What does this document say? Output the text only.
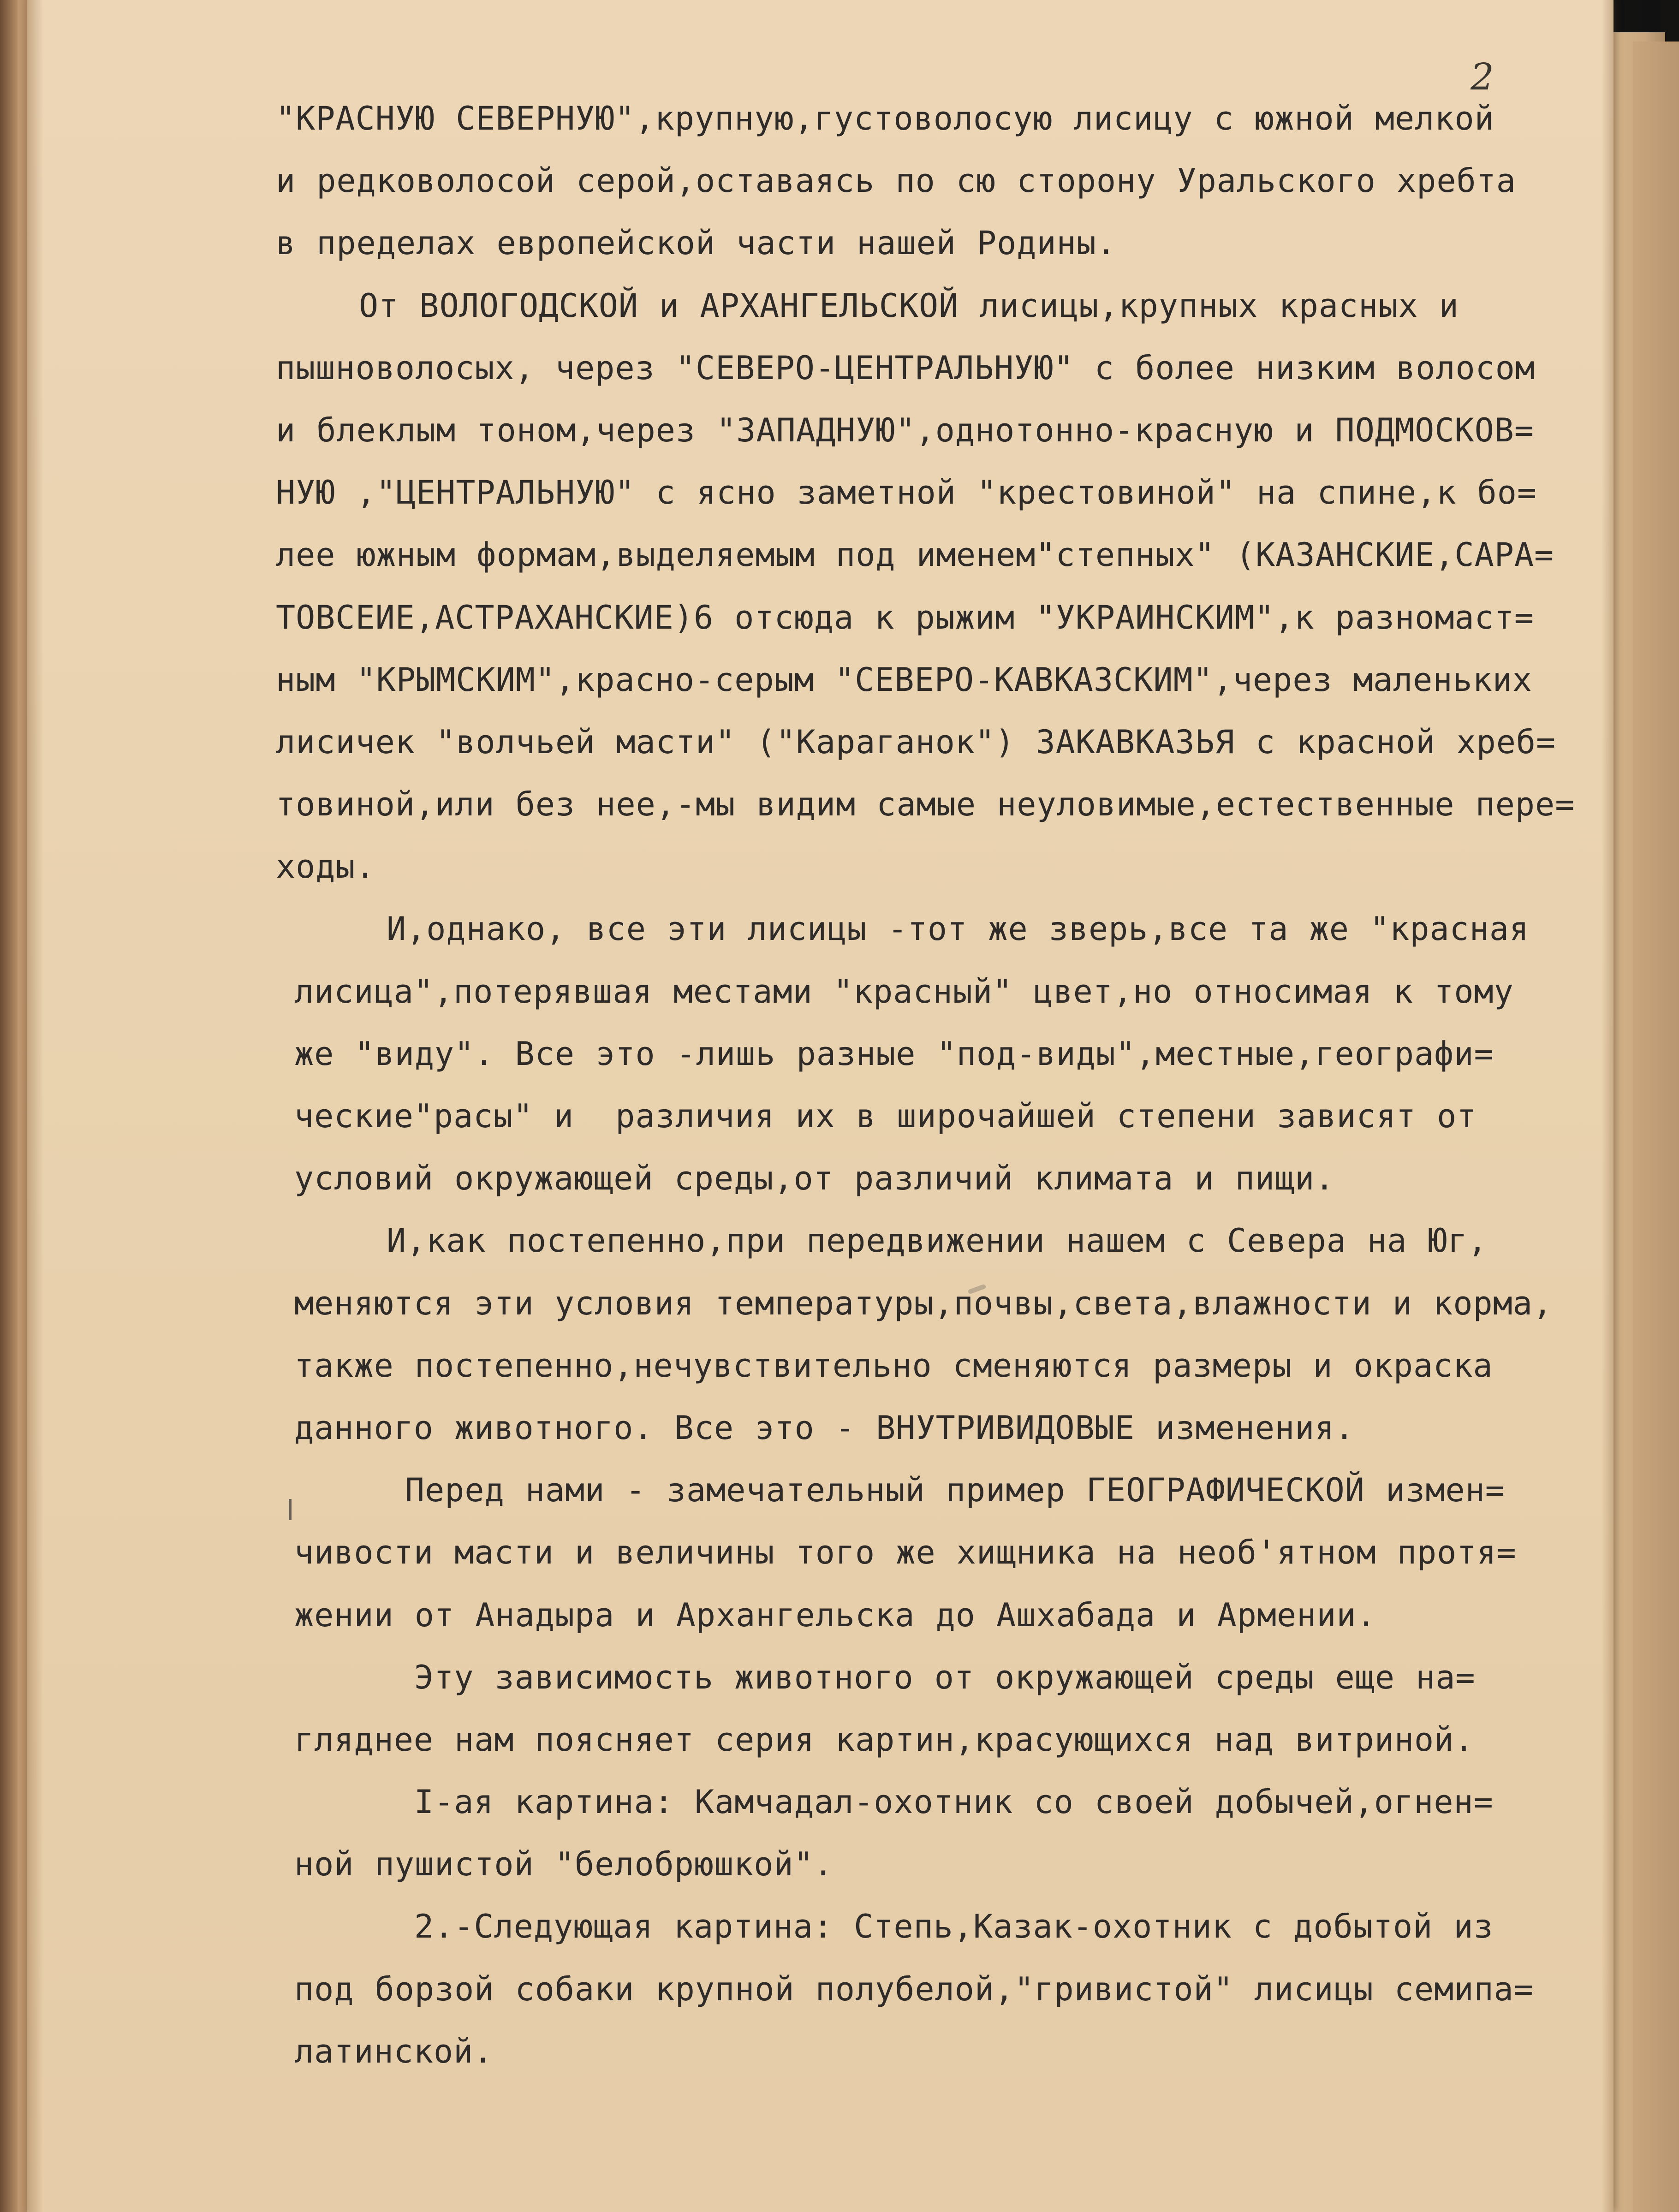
2
"КРАСНУЮ СЕВЕРНУЮ",крупную,густоволосую лисицу с южной мелкой
и редковолосой серой,оставаясь по сю сторону Уральского хребта
в пределах европейской части нашей Родины.
От ВОЛОГОДСКОЙ и АРХАНГЕЛЬСКОЙ лисицы,крупных красных и
пышноволосых, через "СЕВЕРО-ЦЕНТРАЛЬНУЮ" с более низким волосом
и блеклым тоном,через "ЗАПАДНУЮ",однотонно-красную и ПОДМОСКОВ=
НУЮ ,"ЦЕНТРАЛЬНУЮ" с ясно заметной "крестовиной" на спине,к бо=
лее южным формам,выделяемым под именем"степных" (КАЗАНСКИЕ,САРА=
ТОВСЕИЕ,АСТРАХАНСКИЕ)6 отсюда к рыжим "УКРАИНСКИМ",к разномаст=
ным "КРЫМСКИМ",красно-серым "СЕВЕРО-КАВКАЗСКИМ",через маленьких
лисичек "волчьей масти" ("Караганок") ЗАКАВКАЗЬЯ с красной хреб=
товиной,или без нее,-мы видим самые неуловимые,естественные пере=
ходы.
И,однако, все эти лисицы -тот же зверь,все та же "красная
лисица",потерявшая местами "красный" цвет,но относимая к тому
же "виду". Все это -лишь разные "под-виды",местные,географи=
ческие"расы" и  различия их в широчайшей степени зависят от
условий окружающей среды,от различий климата и пищи.
И,как постепенно,при передвижении нашем с Севера на Юг,
меняются эти условия температуры,почвы,света,влажности и корма,
также постепенно,нечувствительно сменяются размеры и окраска
данного животного. Все это - ВНУТРИВИДОВЫЕ изменения.
Перед нами - замечательный пример ГЕОГРАФИЧЕСКОЙ измен=
чивости масти и величины того же хищника на необ'ятном протя=
жении от Анадыра и Архангельска до Ашхабада и Армении.
Эту зависимость животного от окружающей среды еще на=
гляднее нам поясняет серия картин,красующихся над витриной.
I-ая картина: Камчадал-охотник со своей добычей,огнен=
ной пушистой "белобрюшкой".
2.-Следующая картина: Степь,Казак-охотник с добытой из
под борзой собаки крупной полубелой,"гривистой" лисицы семипа=
латинской.
